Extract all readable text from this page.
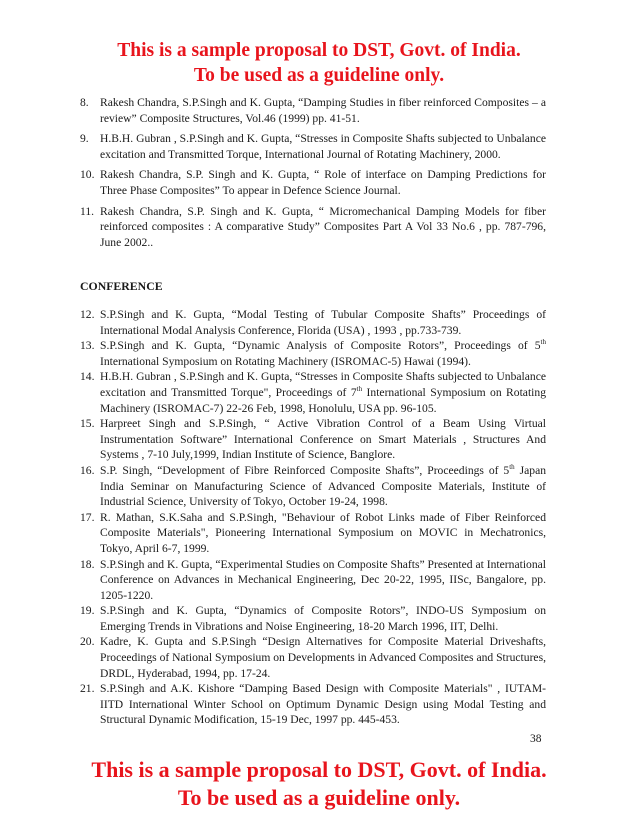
This is a sample proposal to DST, Govt. of India.
To be used as a guideline only.
8. Rakesh Chandra, S.P.Singh and K. Gupta, “Damping Studies in fiber reinforced Composites – a review” Composite Structures, Vol.46 (1999) pp. 41-51.
9. H.B.H. Gubran , S.P.Singh and K. Gupta, “Stresses in Composite Shafts subjected to Unbalance excitation and Transmitted Torque, International Journal of Rotating Machinery, 2000.
10. Rakesh Chandra, S.P. Singh and K. Gupta, “ Role of interface on Damping Predictions for Three Phase Composites” To appear in Defence Science Journal.
11. Rakesh Chandra, S.P. Singh and K. Gupta, “ Micromechanical Damping Models for fiber reinforced composites : A comparative Study” Composites Part A Vol 33 No.6 , pp. 787-796, June 2002..
CONFERENCE
12. S.P.Singh and K. Gupta, “Modal Testing of Tubular Composite Shafts” Proceedings of International Modal Analysis Conference, Florida (USA) , 1993 , pp.733-739.
13. S.P.Singh and K. Gupta, “Dynamic Analysis of Composite Rotors”, Proceedings of 5th International Symposium on Rotating Machinery (ISROMAC-5) Hawai (1994).
14. H.B.H. Gubran , S.P.Singh and K. Gupta, “Stresses in Composite Shafts subjected to Unbalance excitation and Transmitted Torque", Proceedings of 7th International Symposium on Rotating Machinery (ISROMAC-7) 22-26 Feb, 1998, Honolulu, USA pp. 96-105.
15. Harpreet Singh and S.P.Singh, “ Active Vibration Control of a Beam Using Virtual Instrumentation Software” International Conference on Smart Materials , Structures And Systems , 7-10 July,1999, Indian Institute of Science, Banglore.
16. S.P. Singh, “Development of Fibre Reinforced Composite Shafts”, Proceedings of 5th Japan India Seminar on Manufacturing Science of Advanced Composite Materials, Institute of Industrial Science, University of Tokyo, October 19-24, 1998.
17. R. Mathan, S.K.Saha and S.P.Singh, "Behaviour of Robot Links made of Fiber Reinforced Composite Materials", Pioneering International Symposium on MOVIC in Mechatronics, Tokyo, April 6-7, 1999.
18. S.P.Singh and K. Gupta, “Experimental Studies on Composite Shafts” Presented at International Conference on Advances in Mechanical Engineering, Dec 20-22, 1995, IISc, Bangalore, pp. 1205-1220.
19. S.P.Singh and K. Gupta, “Dynamics of Composite Rotors”, INDO-US Symposium on Emerging Trends in Vibrations and Noise Engineering, 18-20 March 1996, IIT, Delhi.
20. Kadre, K. Gupta and S.P.Singh “Design Alternatives for Composite Material Driveshafts, Proceedings of National Symposium on Developments in Advanced Composites and Structures, DRDL, Hyderabad, 1994, pp. 17-24.
21. S.P.Singh and A.K. Kishore “Damping Based Design with Composite Materials" , IUTAM-IITD International Winter School on Optimum Dynamic Design using Modal Testing and Structural Dynamic Modification, 15-19 Dec, 1997 pp. 445-453.
38
This is a sample proposal to DST, Govt. of India.
To be used as a guideline only.
